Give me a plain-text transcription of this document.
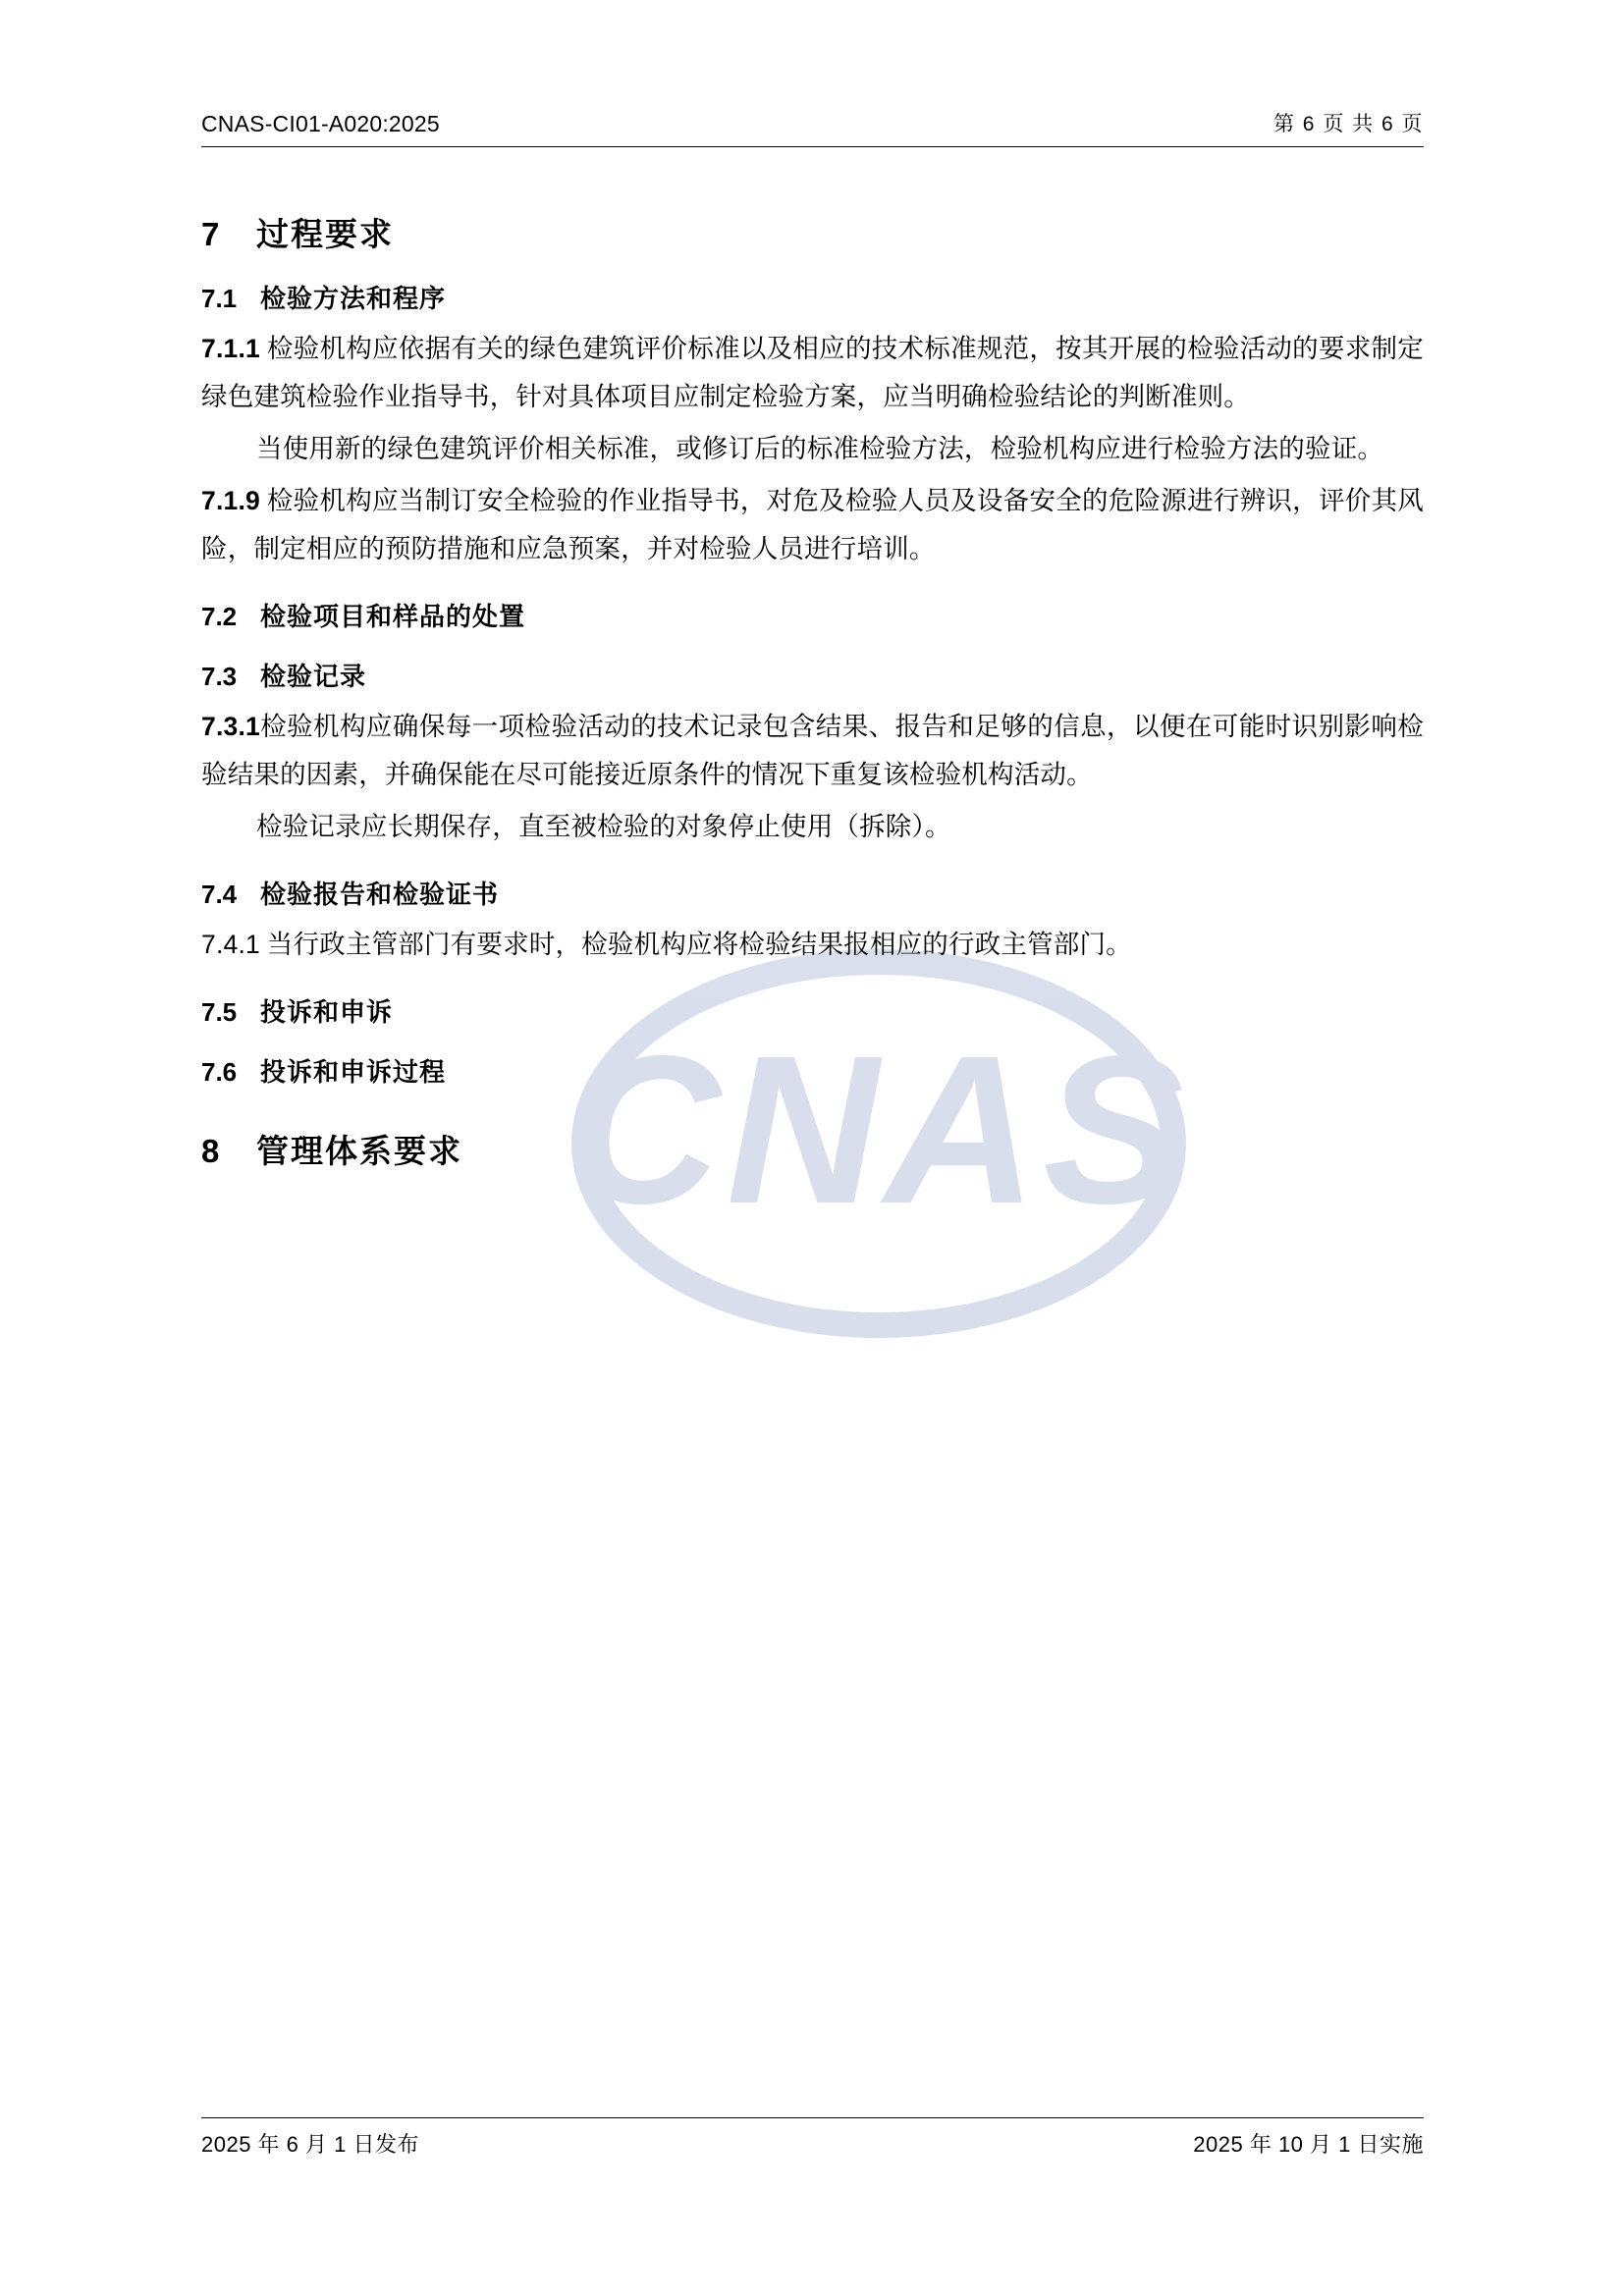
CNAS
CNAS-CI01-A020:2025	第 6 页 共 6 页
7	过程要求
7.1 检验方法和程序

7.1.1 检验机构应依据有关的绿色建筑评价标准以及相应的技术标准规范，按其开展的检验活动的要求制定绿色建筑检验作业指导书，针对具体项目应制定检验方案，应当明确检验结论的判断准则。

当使用新的绿色建筑评价相关标准，或修订后的标准检验方法，检验机构应进行检验方法的验证。

7.1.9 检验机构应当制订安全检验的作业指导书，对危及检验人员及设备安全的危险源进行辨识，评价其风险，制定相应的预防措施和应急预案，并对检验人员进行培训。

7.2 检验项目和样品的处置
7.3 检验记录

7.3.1检验机构应确保每一项检验活动的技术记录包含结果、报告和足够的信息，以便在可能时识别影响检验结果的因素，并确保能在尽可能接近原条件的情况下重复该检验机构活动。

检验记录应长期保存，直至被检验的对象停止使用（拆除）。

7.4 检验报告和检验证书

7.4.1 当行政主管部门有要求时，检验机构应将检验结果报相应的行政主管部门。

7.5 投诉和申诉
7.6 投诉和申诉过程
8	管理体系要求
2025 年 6 月 1 日发布	2025 年 10 月 1 日实施
